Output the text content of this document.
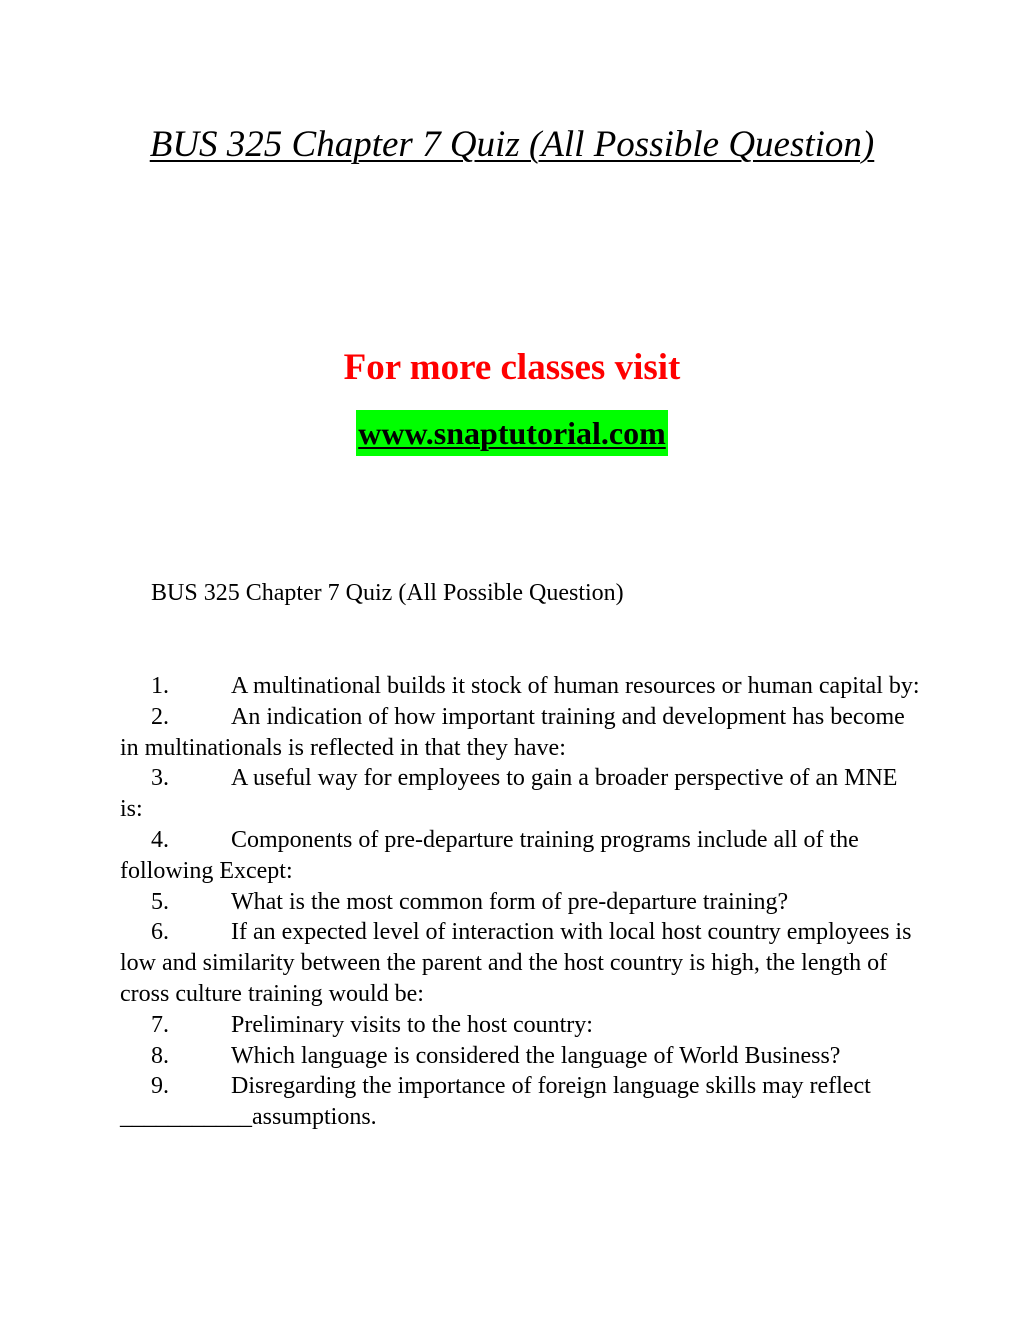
BUS 325 Chapter 7 Quiz (All Possible Question)

For more classes visit

www.snaptutorial.com

BUS 325 Chapter 7 Quiz (All Possible Question)

1.	A multinational builds it stock of human resources or human capital by:
2.	An indication of how important training and development has become in multinationals is reflected in that they have:
3.	A useful way for employees to gain a broader perspective of an MNE is:
4.	Components of pre-departure training programs include all of the following Except:
5.	What is the most common form of pre-departure training?
6.	If an expected level of interaction with local host country employees is low and similarity between the parent and the host country is high, the length of cross culture training would be:
7.	Preliminary visits to the host country:
8.	Which language is considered the language of World Business?
9.	Disregarding the importance of foreign language skills may reflect ___________assumptions.
